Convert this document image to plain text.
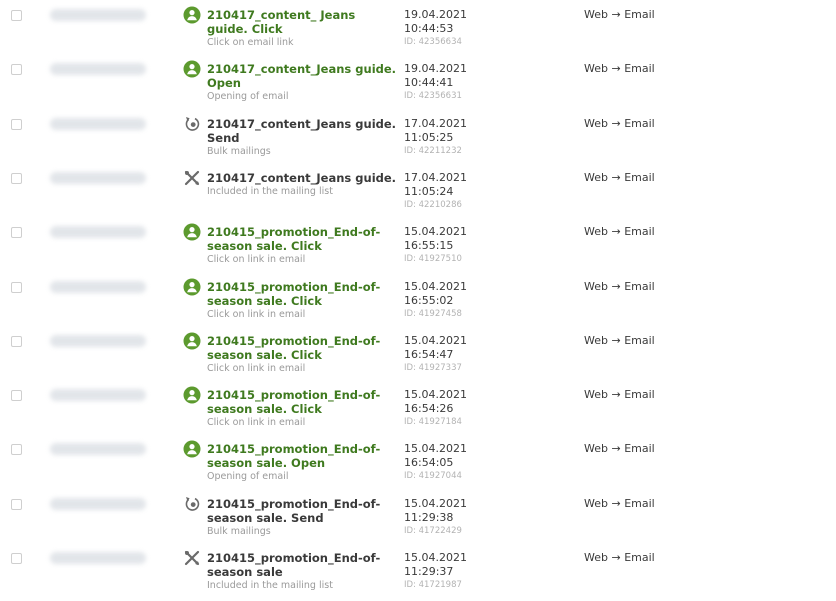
210417_content_ Jeans guide. Click
Click on email link
19.04.2021
10:44:53
ID: 42356634
Web → Email
210417_content_Jeans guide. Open
Opening of email
19.04.2021
10:44:41
ID: 42356631
Web → Email
210417_content_Jeans guide. Send
Bulk mailings
17.04.2021
11:05:25
ID: 42211232
Web → Email
210417_content_Jeans guide.
Included in the mailing list
17.04.2021
11:05:24
ID: 42210286
Web → Email
210415_promotion_End-of-season sale. Click
Click on link in email
15.04.2021
16:55:15
ID: 41927510
Web → Email
210415_promotion_End-of-season sale. Click
Click on link in email
15.04.2021
16:55:02
ID: 41927458
Web → Email
210415_promotion_End-of-season sale. Click
Click on link in email
15.04.2021
16:54:47
ID: 41927337
Web → Email
210415_promotion_End-of-season sale. Click
Click on link in email
15.04.2021
16:54:26
ID: 41927184
Web → Email
210415_promotion_End-of-season sale. Open
Opening of email
15.04.2021
16:54:05
ID: 41927044
Web → Email
210415_promotion_End-of-season sale. Send
Bulk mailings
15.04.2021
11:29:38
ID: 41722429
Web → Email
210415_promotion_End-of-season sale
Included in the mailing list
15.04.2021
11:29:37
ID: 41721987
Web → Email
